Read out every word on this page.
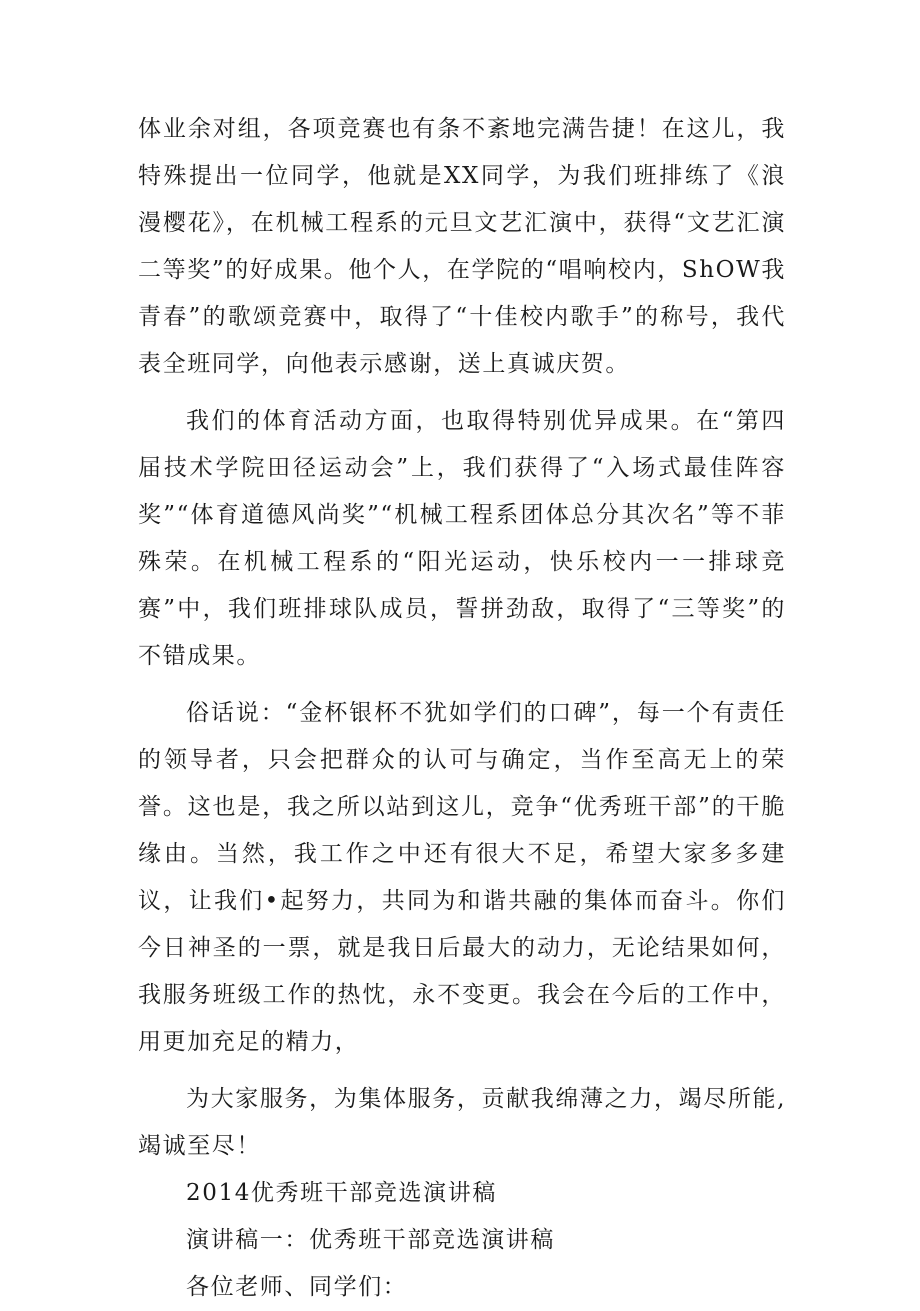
体业余对组，各项竞赛也有条不紊地完满告捷！在这儿，我特殊提出一位同学，他就是XX同学，为我们班排练了《浪漫樱花》，在机械工程系的元旦文艺汇演中，获得“文艺汇演二等奖”的好成果。他个人，在学院的“唱响校内，ShOW我青春”的歌颂竞赛中，取得了“十佳校内歌手”的称号，我代表全班同学，向他表示感谢，送上真诚庆贺。

我们的体育活动方面，也取得特别优异成果。在“第四届技术学院田径运动会”上，我们获得了“入场式最佳阵容奖”“体育道德风尚奖”“机械工程系团体总分其次名”等不菲殊荣。在机械工程系的“阳光运动，快乐校内一一排球竞赛”中，我们班排球队成员，誓拼劲敌，取得了“三等奖”的不错成果。

俗话说：“金杯银杯不犹如学们的口碑”，每一个有责任的领导者，只会把群众的认可与确定，当作至高无上的荣誉。这也是，我之所以站到这儿，竞争“优秀班干部”的干脆缘由。当然，我工作之中还有很大不足，希望大家多多建议，让我们•起努力，共同为和谐共融的集体而奋斗。你们今日神圣的一票，就是我日后最大的动力，无论结果如何，我服务班级工作的热忱，永不变更。我会在今后的工作中，用更加充足的精力，

为大家服务，为集体服务，贡献我绵薄之力，竭尽所能,竭诚至尽！

2014优秀班干部竞选演讲稿

演讲稿一：优秀班干部竞选演讲稿

各位老师、同学们：
